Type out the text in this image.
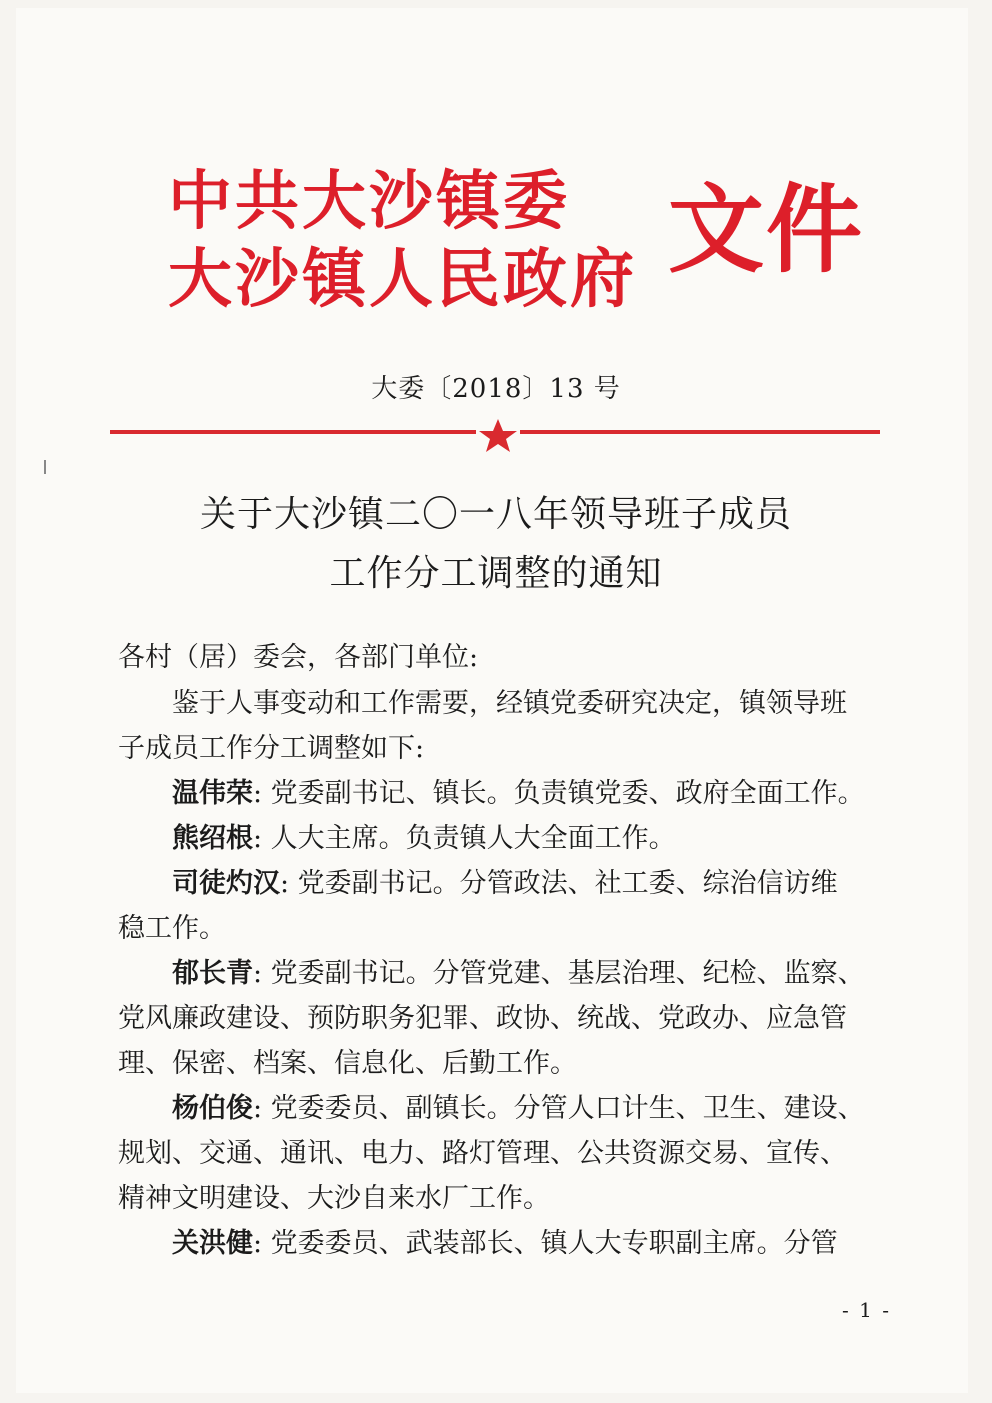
中共大沙镇委
大沙镇人民政府 文件
大委〔2018〕13 号
关于大沙镇二〇一八年领导班子成员
工作分工调整的通知
各村（居）委会，各部门单位:
鉴于人事变动和工作需要，经镇党委研究决定，镇领导班
子成员工作分工调整如下:
温伟荣: 党委副书记、镇长。负责镇党委、政府全面工作。
熊绍根: 人大主席。负责镇人大全面工作。
司徒灼汉: 党委副书记。分管政法、社工委、综治信访维
稳工作。
郁长青: 党委副书记。分管党建、基层治理、纪检、监察、
党风廉政建设、预防职务犯罪、政协、统战、党政办、应急管
理、保密、档案、信息化、后勤工作。
杨伯俊: 党委委员、副镇长。分管人口计生、卫生、建设、
规划、交通、通讯、电力、路灯管理、公共资源交易、宣传、
精神文明建设、大沙自来水厂工作。
关洪健: 党委委员、武装部长、镇人大专职副主席。分管
- 1 -
